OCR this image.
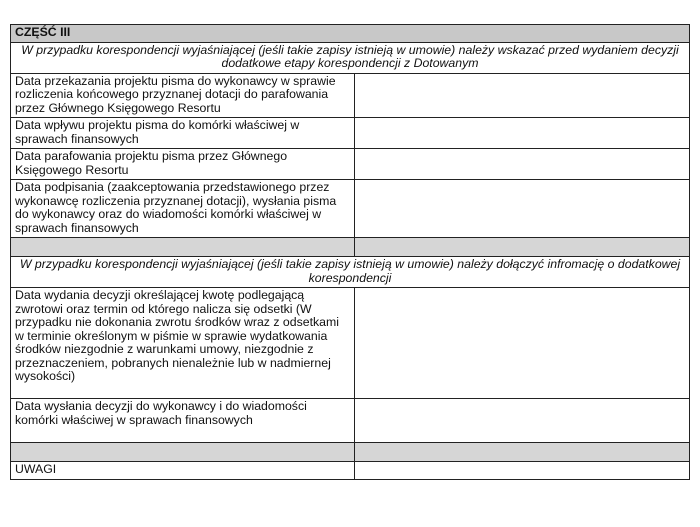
CZĘŚĆ III	
W przypadku korespondencji wyjaśniającej (jeśli takie zapisy istnieją w umowie) należy wskazać przed wydaniem decyzji dodatkowe etapy korespondencji z Dotowanym	
Data przekazania projektu pisma do wykonawcy w sprawie rozliczenia końcowego przyznanej dotacji do parafowania przez Głównego Księgowego Resortu	
Data wpływu projektu pisma do komórki właściwej w sprawach finansowych	
Data parafowania projektu pisma przez Głównego Księgowego Resortu	
Data podpisania (zaakceptowania przedstawionego przez wykonawcę rozliczenia przyznanej dotacji), wysłania pisma do wykonawcy oraz do wiadomości komórki właściwej w sprawach finansowych	

W przypadku korespondencji wyjaśniającej (jeśli takie zapisy istnieją w umowie) należy dołączyć infromację o dodatkowej korespondencji	
Data wydania decyzji określającej kwotę podlegającą zwrotowi oraz termin od którego nalicza się odsetki (W przypadku nie dokonania zwrotu środków wraz z odsetkami w terminie określonym w piśmie w sprawie wydatkowania środków niezgodnie z warunkami umowy, niezgodnie z przeznaczeniem, pobranych nienależnie lub w nadmiernej wysokości)	
Data wysłania decyzji do wykonawcy i do wiadomości komórki właściwej w sprawach finansowych	

UWAGI	
